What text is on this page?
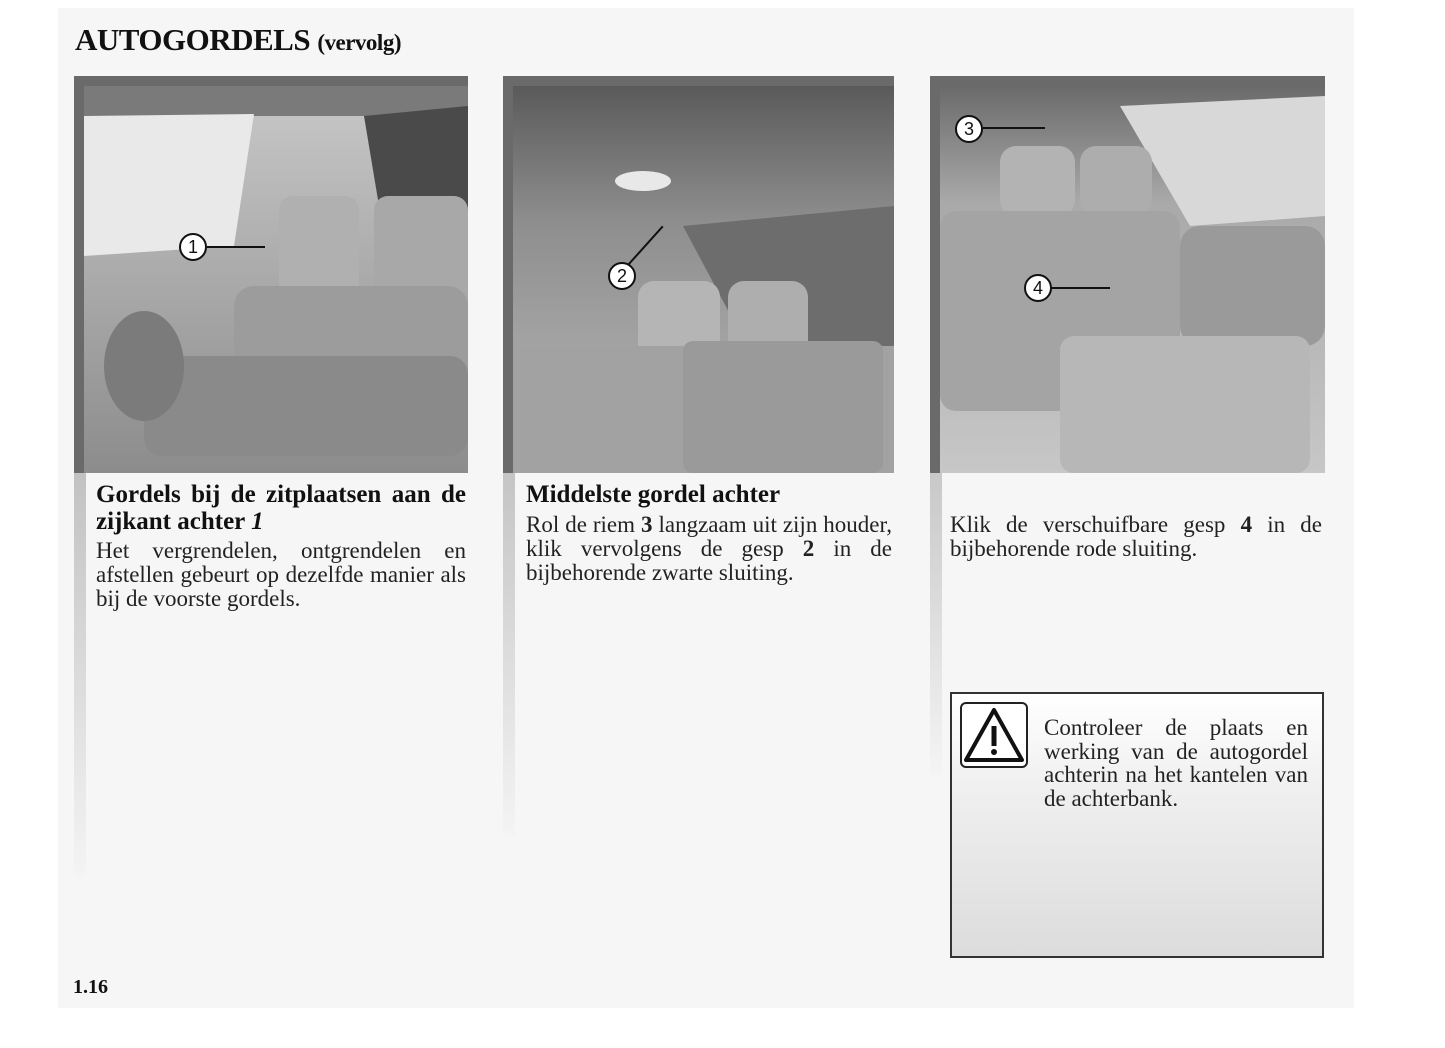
AUTOGORDELS (vervolg)
1
Gordels bij de zitplaatsen aan de zijkant achter 1

Het vergrendelen, ontgrendelen en afstellen gebeurt op dezelfde manier als bij de voorste gordels.

2
Middelste gordel achter

Rol de riem 3 langzaam uit zijn houder, klik vervolgens de gesp 2 in de bijbehorende zwarte sluiting.

3
4

Klik de verschuifbare gesp 4 in de bijbehorende rode sluiting.

Controleer de plaats en werking van de autogordel achterin na het kantelen van de achterbank.

1.16
